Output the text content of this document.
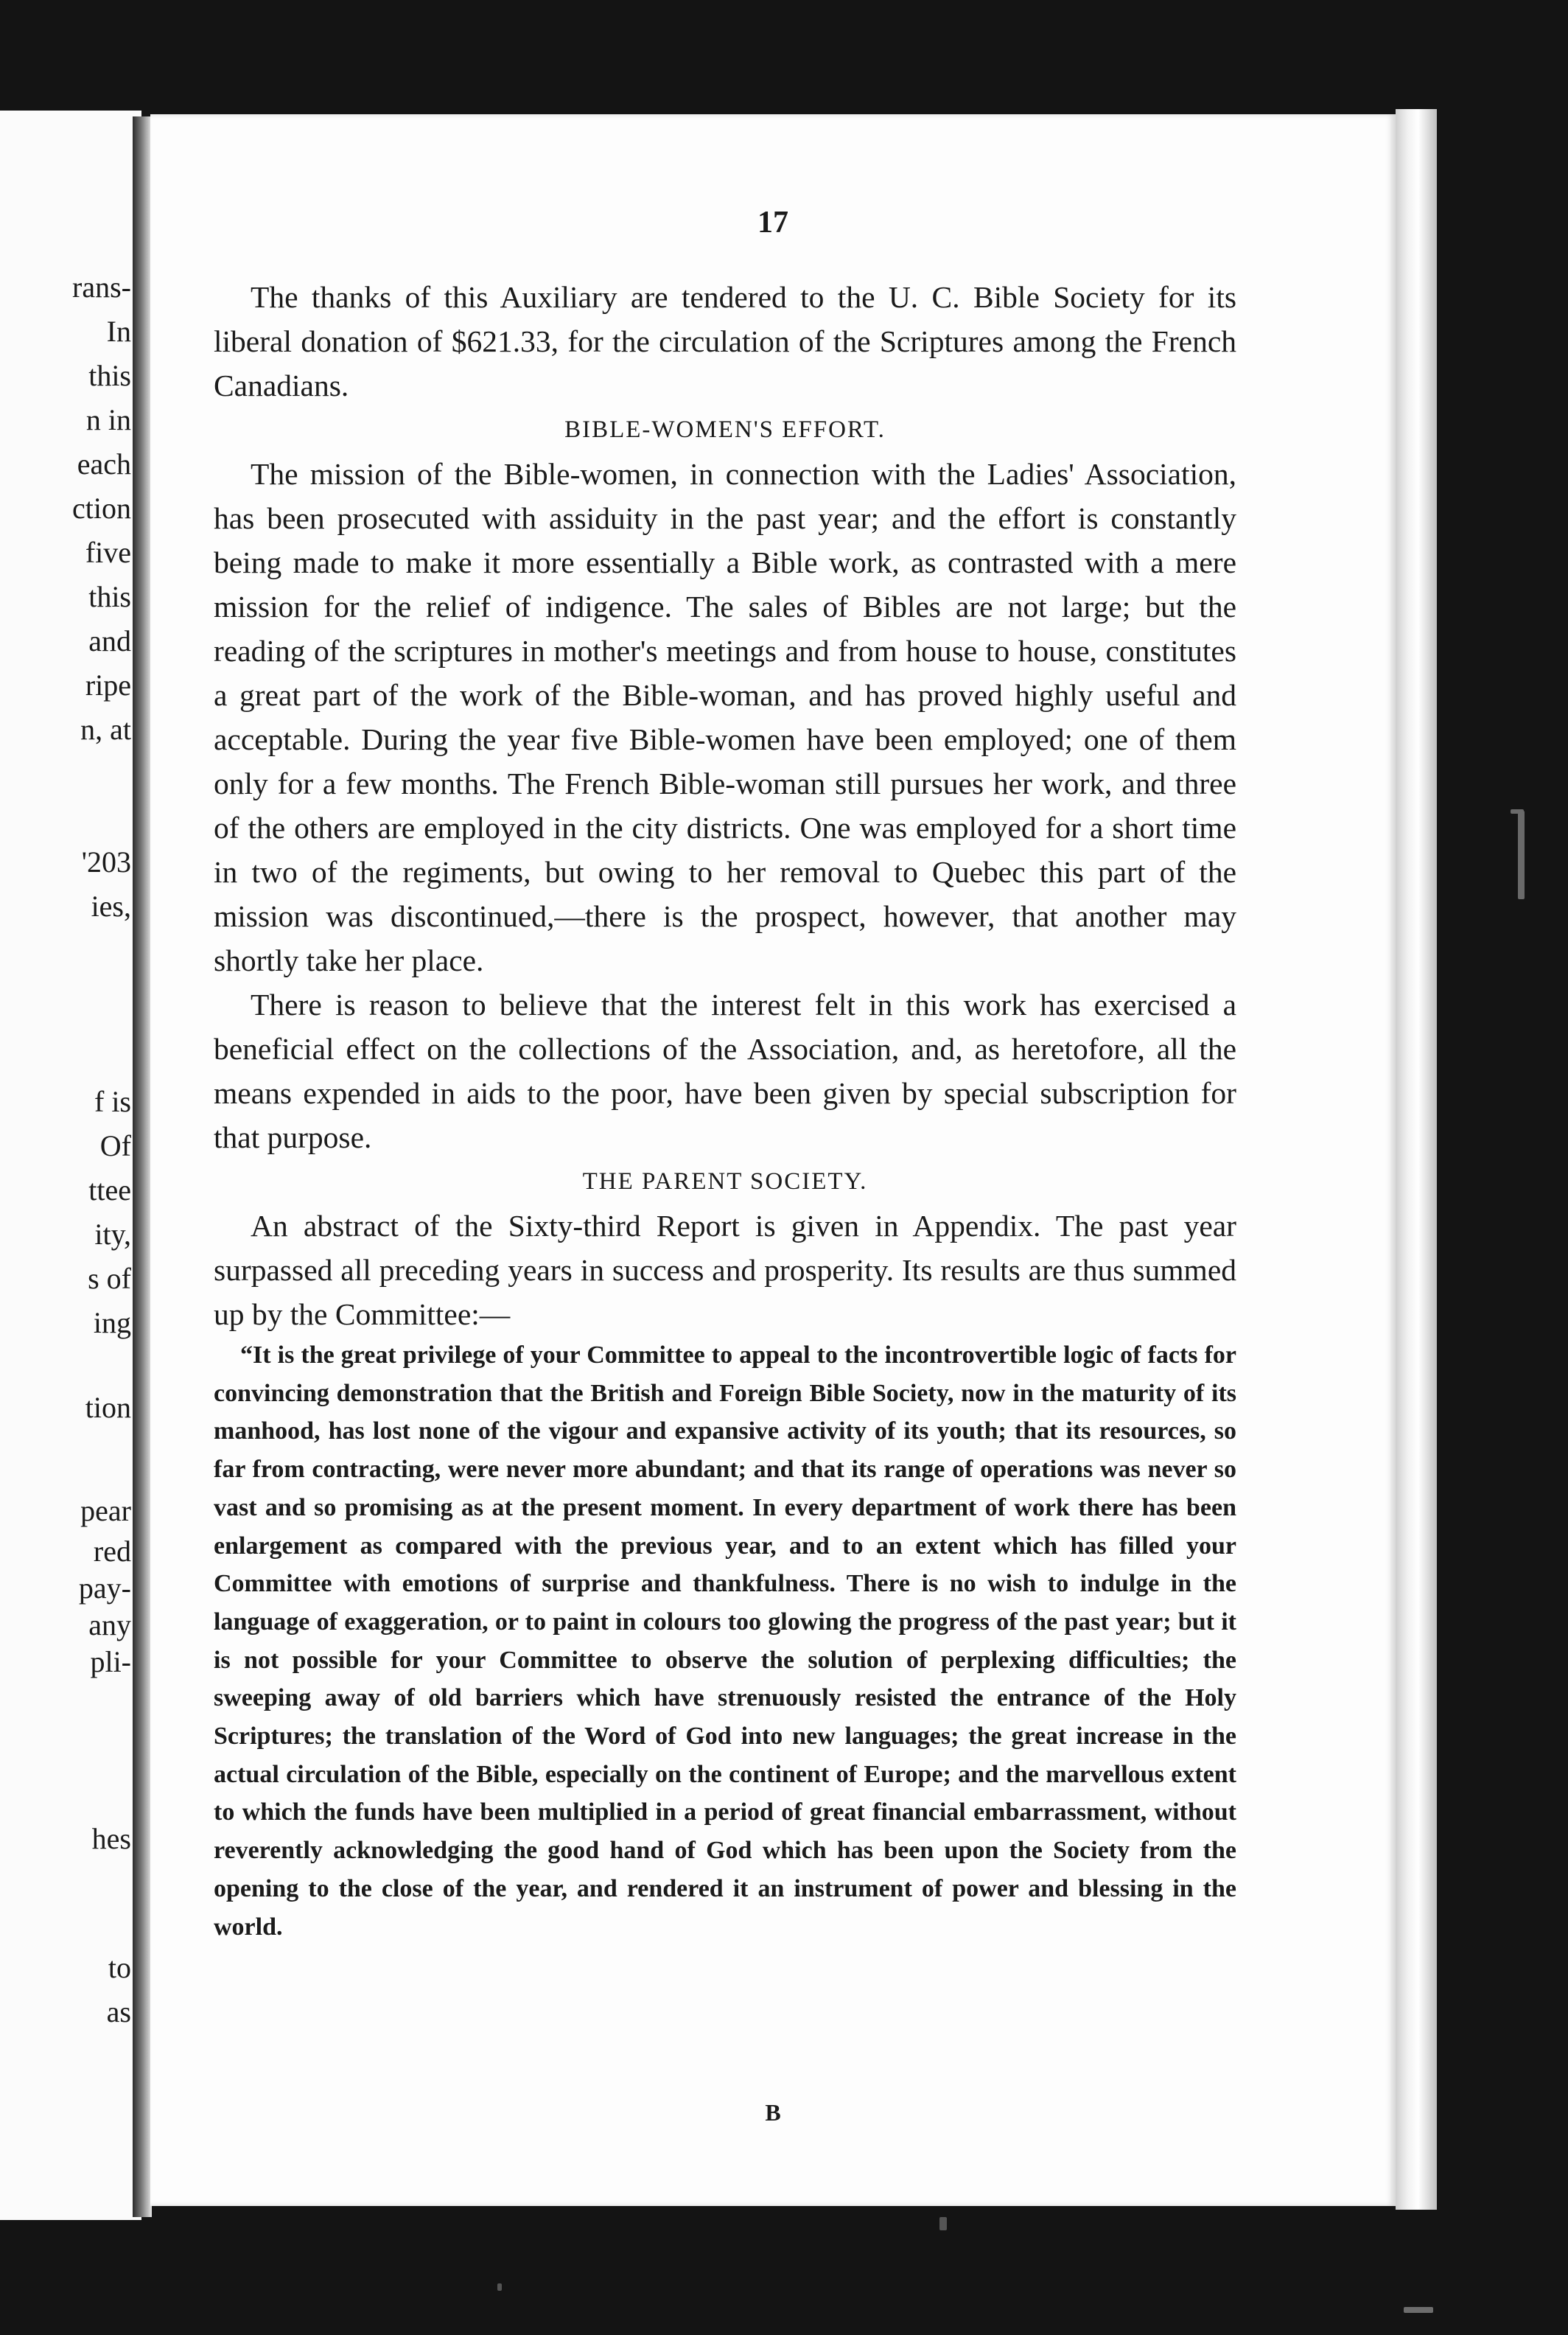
rans-
In
this
n in
each
ction
five
this
and
ripe
n, at
'203
ies,
f is
Of
ttee
ity,
s of
ing
tion
pear
red
pay-
any
pli-
hes
to
as
17

The thanks of this Auxiliary are tendered to the U. C. Bible Society for its liberal donation of $621.33, for the circulation of the Scriptures among the French Canadians.

BIBLE-WOMEN'S EFFORT.

The mission of the Bible-women, in connection with the Ladies' Association, has been prosecuted with assiduity in the past year; and the effort is constantly being made to make it more essentially a Bible work, as contrasted with a mere mission for the relief of indigence. The sales of Bibles are not large; but the reading of the scriptures in mother's meetings and from house to house, constitutes a great part of the work of the Bible-woman, and has proved highly useful and acceptable. During the year five Bible-women have been employed; one of them only for a few months. The French Bible-woman still pursues her work, and three of the others are employed in the city districts. One was employed for a short time in two of the regiments, but owing to her removal to Quebec this part of the mission was discontinued,—there is the prospect, however, that another may shortly take her place.

There is reason to believe that the interest felt in this work has exercised a beneficial effect on the collections of the Association, and, as heretofore, all the means expended in aids to the poor, have been given by special subscription for that purpose.

THE PARENT SOCIETY.

An abstract of the Sixty-third Report is given in Appendix. The past year surpassed all preceding years in success and prosperity. Its results are thus summed up by the Committee:—

“It is the great privilege of your Committee to appeal to the incontrovertible logic of facts for convincing demonstration that the British and Foreign Bible Society, now in the maturity of its manhood, has lost none of the vigour and expansive activity of its youth; that its resources, so far from contracting, were never more abundant; and that its range of operations was never so vast and so promising as at the present moment. In every department of work there has been enlargement as compared with the previous year, and to an extent which has filled your Committee with emotions of surprise and thankfulness. There is no wish to indulge in the language of exaggeration, or to paint in colours too glowing the progress of the past year; but it is not possible for your Committee to observe the solution of perplexing difficulties; the sweeping away of old barriers which have strenuously resisted the entrance of the Holy Scriptures; the translation of the Word of God into new languages; the great increase in the actual circulation of the Bible, especially on the continent of Europe; and the marvellous extent to which the funds have been multiplied in a period of great financial embarrassment, without reverently acknowledging the good hand of God which has been upon the Society from the opening to the close of the year, and rendered it an instrument of power and blessing in the world.

B
